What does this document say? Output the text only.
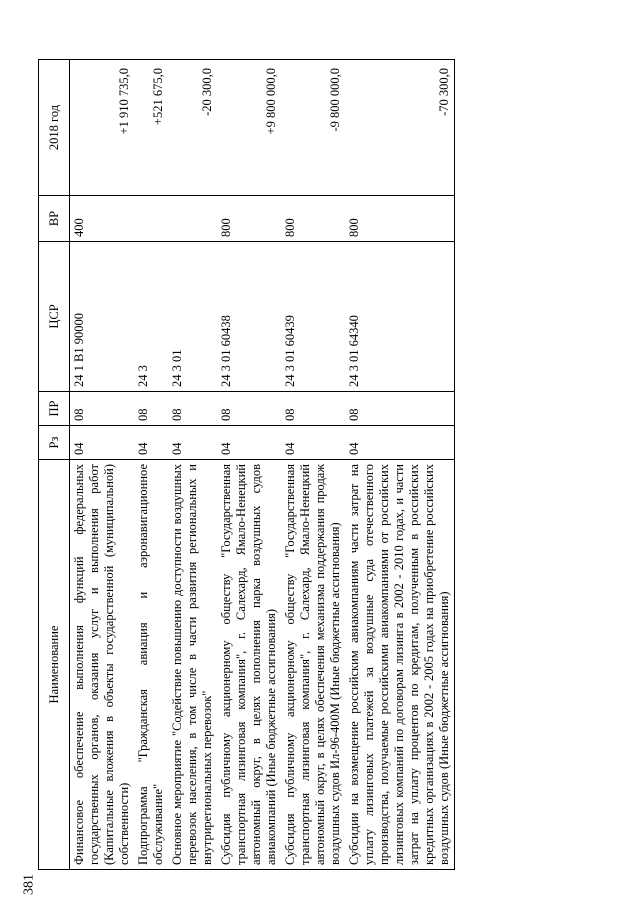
381
Наименование	Рз	ПР	ЦСР	ВР	2018 год
Финансовое обеспечение выполнения функций федеральных государственных органов, оказания услуг и выполнения работ (Капитальные вложения в объекты государственной (муниципальной) собственности)	04	08	24 1 В1 90000	400	+1 910 735,0
Подпрограмма "Гражданская авиация и аэронавигационное обслуживание"	04	08	24 3		+521 675,0
Основное мероприятие "Содействие повышению доступности воздушных перевозок населения, в том числе в части развития региональных и внутрирегиональных перевозок"	04	08	24 3 01		-20 300,0
Субсидия публичному акционерному обществу "Государственная транспортная лизинговая компания", г. Салехард, Ямало-Ненецкий автономный округ, в целях пополнения парка воздушных судов авиакомпаний (Иные бюджетные ассигнования)	04	08	24 3 01 60438	800	+9 800 000,0
Субсидия публичному акционерному обществу "Государственная транспортная лизинговая компания", г. Салехард, Ямало-Ненецкий автономный округ, в целях обеспечения механизма поддержания продаж воздушных судов Ил-96-400М (Иные бюджетные ассигнования)	04	08	24 3 01 60439	800	-9 800 000,0
Субсидии на возмещение российским авиакомпаниям части затрат на уплату лизинговых платежей за воздушные суда отечественного производства, получаемые российскими авиакомпаниями от российских лизинговых компаний по договорам лизинга в 2002 - 2010 годах, и части затрат на уплату процентов по кредитам, полученным в российских кредитных организациях в 2002 - 2005 годах на приобретение российских воздушных судов (Иные бюджетные ассигнования)	04	08	24 3 01 64340	800	-70 300,0
